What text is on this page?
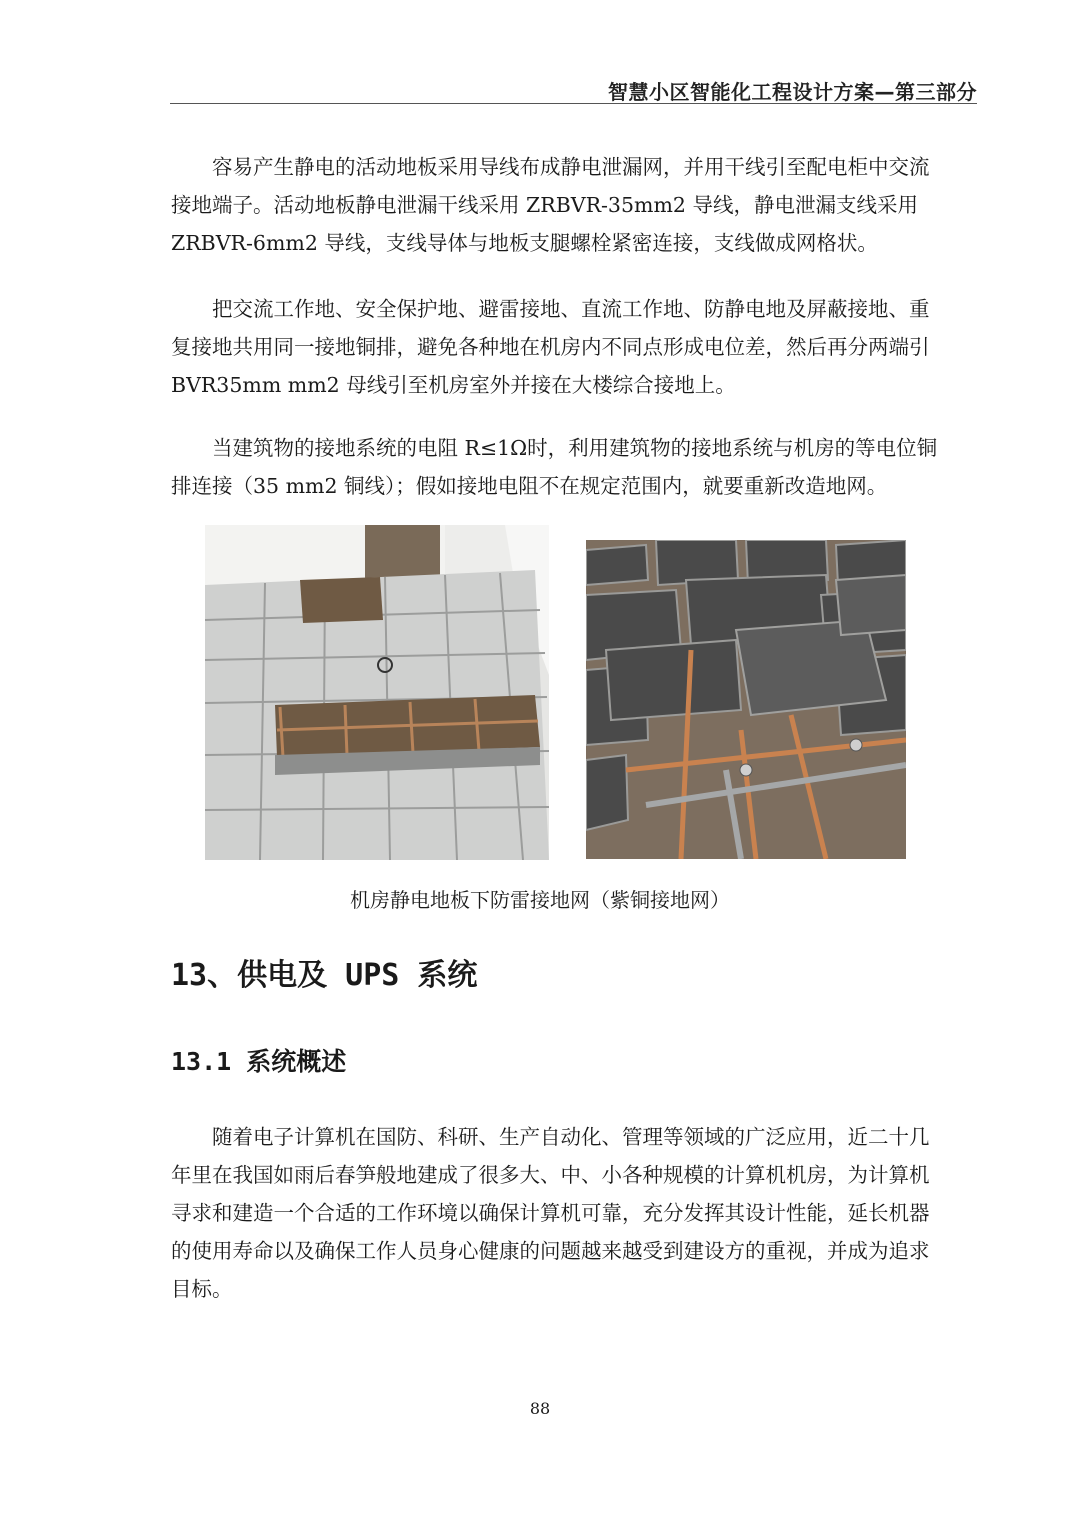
智慧小区智能化工程设计方案—第三部分
　　容易产生静电的活动地板采用导线布成静电泄漏网，并用干线引至配电柜中交流
接地端子。活动地板静电泄漏干线采用 ZRBVR-35mm2 导线，静电泄漏支线采用
ZRBVR-6mm2 导线，支线导体与地板支腿螺栓紧密连接，支线做成网格状。
　　把交流工作地、安全保护地、避雷接地、直流工作地、防静电地及屏蔽接地、重
复接地共用同一接地铜排，避免各种地在机房内不同点形成电位差，然后再分两端引
BVR35mm mm2 母线引至机房室外并接在大楼综合接地上。
　　当建筑物的接地系统的电阻 R≤1Ω时，利用建筑物的接地系统与机房的等电位铜
排连接（35 mm2 铜线）；假如接地电阻不在规定范围内，就要重新改造地网。
机房静电地板下防雷接地网（紫铜接地网）
13、供电及 UPS 系统
13.1 系统概述
　　随着电子计算机在国防、科研、生产自动化、管理等领域的广泛应用，近二十几
年里在我国如雨后春笋般地建成了很多大、中、小各种规模的计算机机房，为计算机
寻求和建造一个合适的工作环境以确保计算机可靠，充分发挥其设计性能，延长机器
的使用寿命以及确保工作人员身心健康的问题越来越受到建设方的重视，并成为追求
目标。
88
